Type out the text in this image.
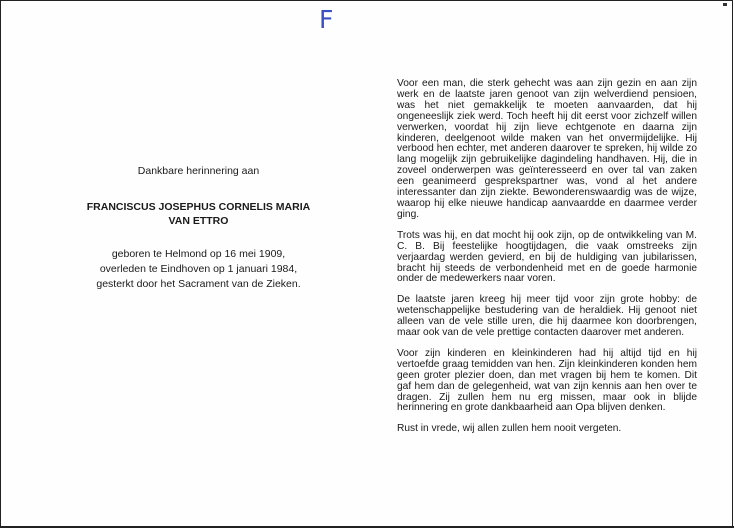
F
Dankbare herinnering aan
FRANCISCUS JOSEPHUS CORNELIS MARIA
VAN ETTRO
geboren te Helmond op 16 mei 1909,
overleden te Eindhoven op 1 januari 1984,
gesterkt door het Sacrament van de Zieken.

Voor een man, die sterk gehecht was aan zijn gezin en aan zijn werk en de laatste jaren genoot van zijn welverdiend pensioen, was het niet gemakkelijk te moeten aanvaarden, dat hij ongeneeslijk ziek werd. Toch heeft hij dit eerst voor zichzelf willen verwerken, voordat hij zijn lieve echtgenote en daarna zijn kinderen, deelgenoot wilde maken van het onvermijdelijke. Hij verbood hen echter, met anderen daarover te spreken, hij wilde zo lang mogelijk zijn gebruikelijke dagindeling handhaven. Hij, die in zoveel onderwerpen was geïnteresseerd en over tal van zaken een geanimeerd gesprekspartner was, vond al het andere interessanter dan zijn ziekte. Bewonderenswaardig was de wijze, waarop hij elke nieuwe handicap aanvaardde en daarmee verder ging.

Trots was hij, en dat mocht hij ook zijn, op de ontwikkeling van M. C. B. Bij feestelijke hoogtijdagen, die vaak omstreeks zijn verjaardag werden gevierd, en bij de huldiging van jubilarissen, bracht hij steeds de verbondenheid met en de goede harmonie onder de medewerkers naar voren.

De laatste jaren kreeg hij meer tijd voor zijn grote hobby: de wetenschappelijke bestudering van de heraldiek. Hij genoot niet alleen van de vele stille uren, die hij daarmee kon doorbrengen, maar ook van de vele prettige contacten daarover met anderen.

Voor zijn kinderen en kleinkinderen had hij altijd tijd en hij vertoefde graag temidden van hen. Zijn kleinkinderen konden hem geen groter plezier doen, dan met vragen bij hem te komen. Dit gaf hem dan de gelegenheid, wat van zijn kennis aan hen over te dragen. Zij zullen hem nu erg missen, maar ook in blijde herinnering en grote dankbaarheid aan Opa blijven denken.

Rust in vrede, wij allen zullen hem nooit vergeten.
